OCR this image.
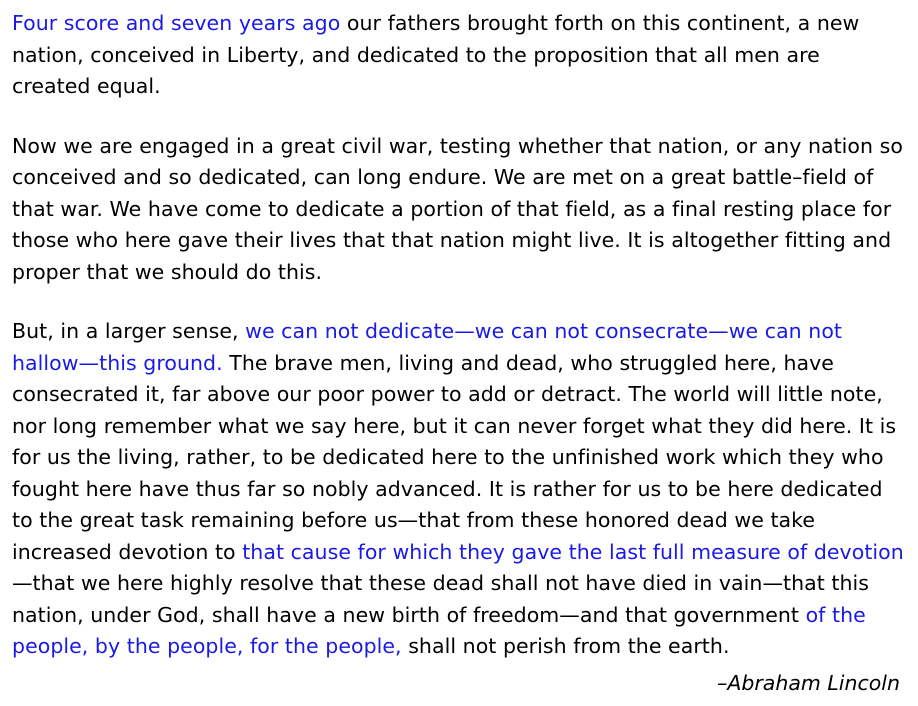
Four score and seven years ago our fathers brought forth on this continent, a new nation, conceived in Liberty, and dedicated to the proposition that all men are created equal.

Now we are engaged in a great civil war, testing whether that nation, or any nation so conceived and so dedicated, can long endure. We are met on a great battle–field of that war. We have come to dedicate a portion of that field, as a final resting place for those who here gave their lives that that nation might live. It is altogether fitting and proper that we should do this.

But, in a larger sense, we can not dedicate—we can not consecrate—we can not hallow—this ground. The brave men, living and dead, who struggled here, have consecrated it, far above our poor power to add or detract. The world will little note, nor long remember what we say here, but it can never forget what they did here. It is for us the living, rather, to be dedicated here to the unfinished work which they who fought here have thus far so nobly advanced. It is rather for us to be here dedicated to the great task remaining before us—that from these honored dead we take increased devotion to that cause for which they gave the last full measure of devotion—that we here highly resolve that these dead shall not have died in vain—that this nation, under God, shall have a new birth of freedom—and that government of the people, by the people, for the people, shall not perish from the earth.

–Abraham Lincoln
